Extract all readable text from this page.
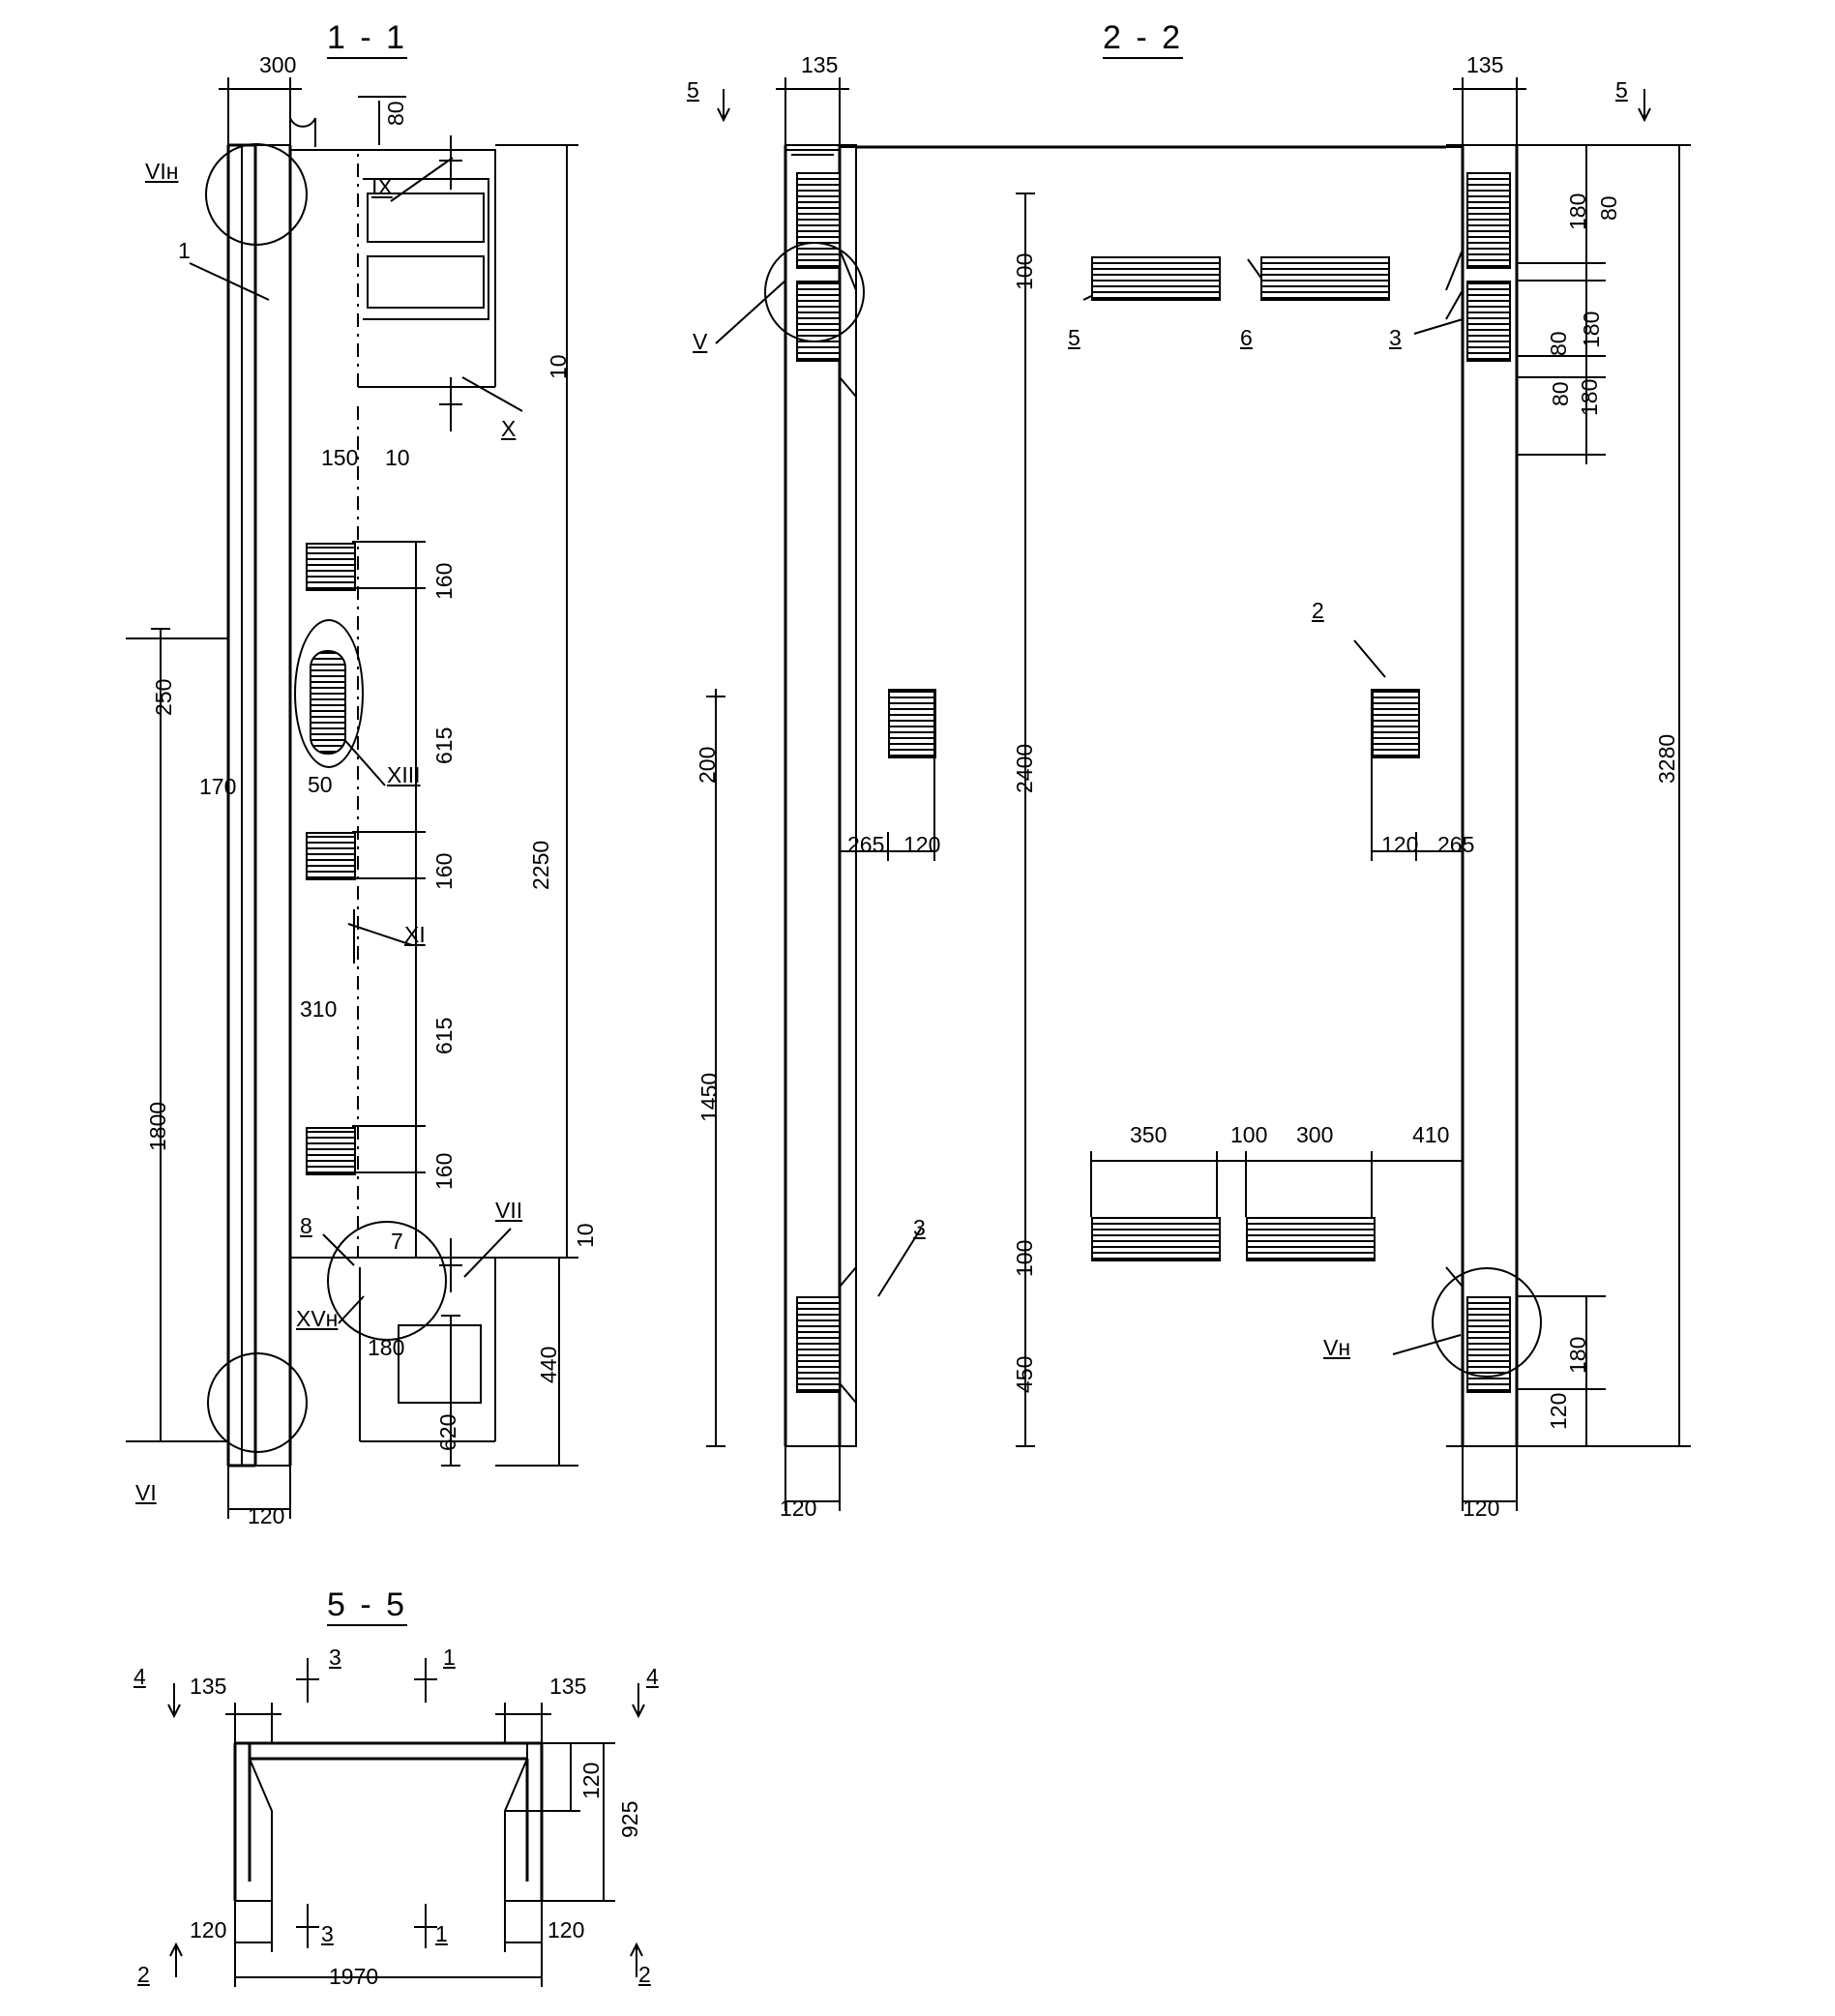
1 - 1	2 - 2
5 - 5
300
80
10
150 10
250
170	50
310
180
620
1800
2250
160
615
160
615
160
440
10
120
1
7
8
VIн
IX
X
XIII
XI
VII
XVн
VI
135	135
180 80
80 180
80 180
100
200
265 120	120 265
2400
1450
100
450
350	100 300	410
3280
120	120
180
120
5	6	3
2
3
5	5
V
Vн
135	135
120
925
120	120
1970
4	4
3	1
3	1
2	2
